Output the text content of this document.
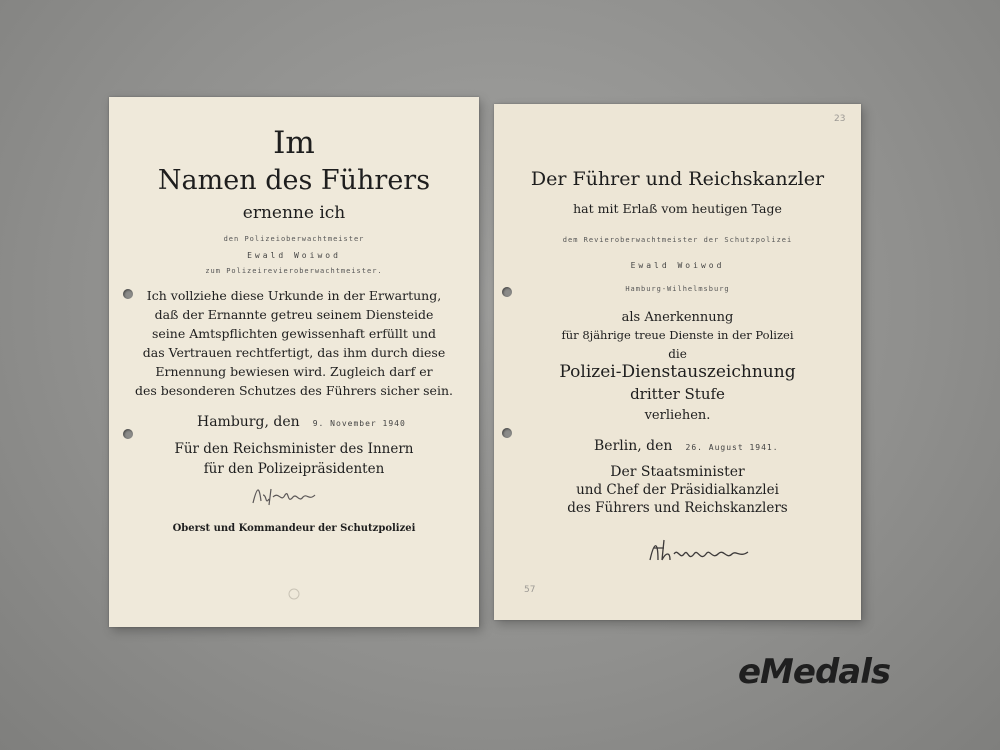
Im
Namen des Führers
ernenne ich
den Polizeioberwachtmeister
Ewald Woiwod
zum Polizeirevieroberwachtmeister.
Ich vollziehe diese Urkunde in der Erwartung,
daß der Ernannte getreu seinem Diensteide
seine Amtspflichten gewissenhaft erfüllt und
das Vertrauen rechtfertigt, das ihm durch diese
Ernennung bewiesen wird. Zugleich darf er
des besonderen Schutzes des Führers sicher sein.
Hamburg, den 9. November 1940
Für den Reichsminister des Innern
für den Polizeipräsidenten
Oberst und Kommandeur der Schutzpolizei
23
Der Führer und Reichskanzler
hat mit Erlaß vom heutigen Tage
dem Revieroberwachtmeister der Schutzpolizei
Ewald Woiwod
Hamburg-Wilhelmsburg
als Anerkennung
für 8jährige treue Dienste in der Polizei
die
Polizei-Dienstauszeichnung
dritter Stufe
verliehen.
Berlin, den 26. August 1941.
Der Staatsminister
und Chef der Präsidialkanzlei
des Führers und Reichskanzlers
57
eMedals
